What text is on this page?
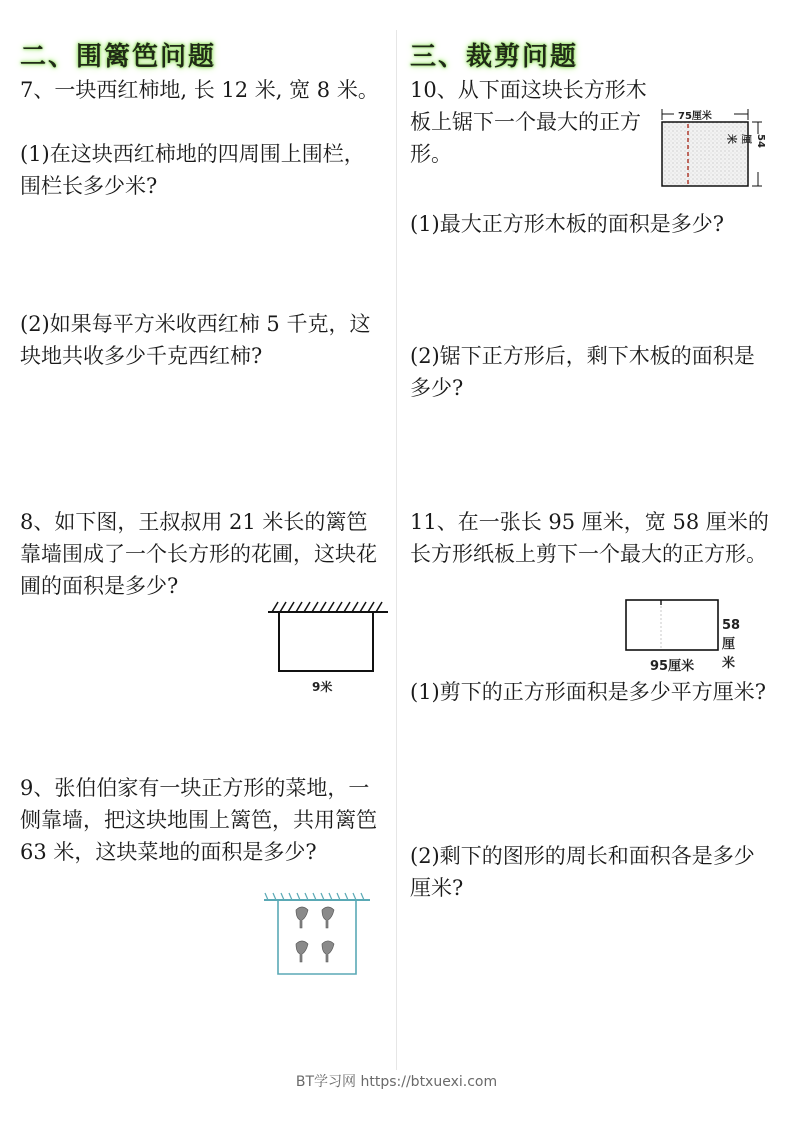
二、围篱笆问题

7、一块西红柿地, 长 12 米, 宽 8 米。

(1)在这块西红柿地的四周围上围栏，围栏长多少米?

(2)如果每平方米收西红柿 5 千克，这块地共收多少千克西红柿?

8、如下图，王叔叔用 21 米长的篱笆靠墙围成了一个长方形的花圃，这块花圃的面积是多少?

9米

9、张伯伯家有一块正方形的菜地，一侧靠墙，把这块地围上篱笆，共用篱笆 63 米，这块菜地的面积是多少?

三、裁剪问题

10、从下面这块长方形木板上锯下一个最大的正方形。

75厘米
54厘米

(1)最大正方形木板的面积是多少?

(2)锯下正方形后，剩下木板的面积是多少?

11、在一张长 95 厘米，宽 58 厘米的长方形纸板上剪下一个最大的正方形。

58厘米
95厘米

(1)剪下的正方形面积是多少平方厘米?

(2)剩下的图形的周长和面积各是多少厘米?

BT学习网 https://btxuexi.com
